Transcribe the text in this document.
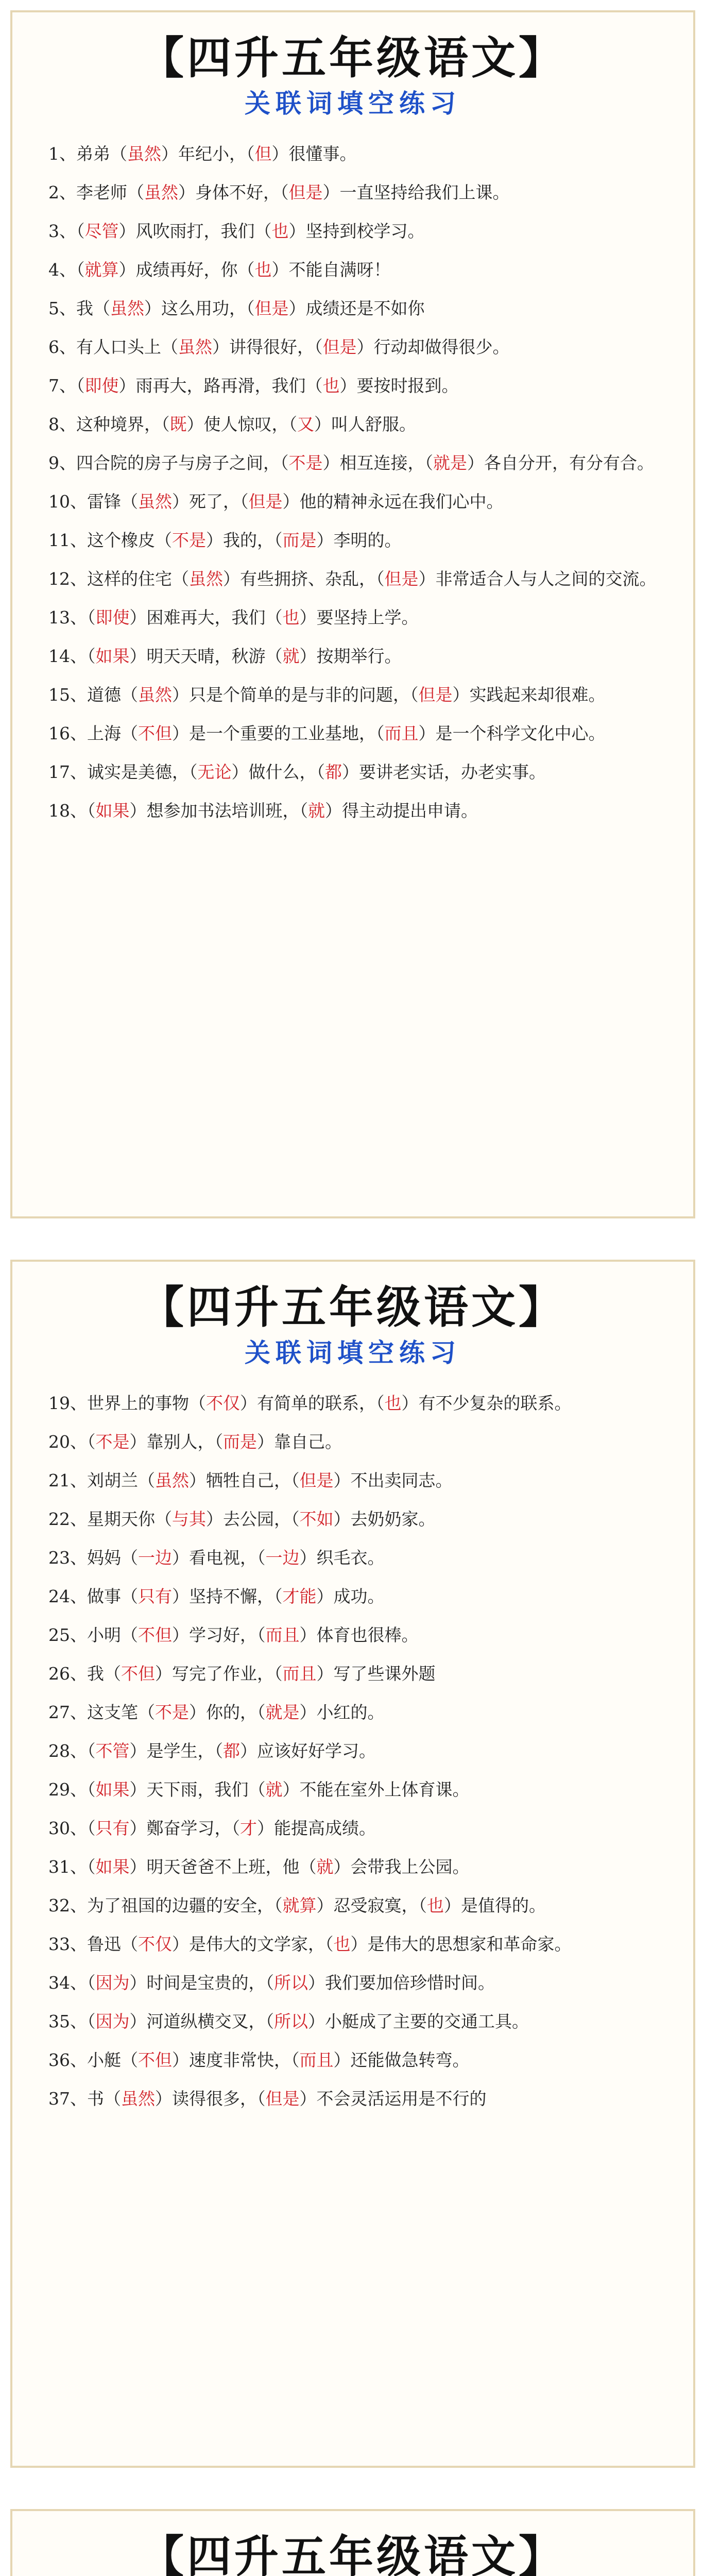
【四升五年级语文】
关联词填空练习
1、弟弟（虽然）年纪小，（但）很懂事。
2、李老师（虽然）身体不好，（但是）一直坚持给我们上课。
3、（尽管）风吹雨打，我们（也）坚持到校学习。
4、（就算）成绩再好，你（也）不能自满呀！
5、我（虽然）这么用功，（但是）成绩还是不如你
6、有人口头上（虽然）讲得很好，（但是）行动却做得很少。
7、（即使）雨再大，路再滑，我们（也）要按时报到。
8、这种境界，（既）使人惊叹，（又）叫人舒服。
9、四合院的房子与房子之间，（不是）相互连接，（就是）各自分开，有分有合。
10、雷锋（虽然）死了，（但是）他的精神永远在我们心中。
11、这个橡皮（不是）我的，（而是）李明的。
12、这样的住宅（虽然）有些拥挤、杂乱，（但是）非常适合人与人之间的交流。
13、（即使）困难再大，我们（也）要坚持上学。
14、（如果）明天天晴，秋游（就）按期举行。
15、道德（虽然）只是个简单的是与非的问题，（但是）实践起来却很难。
16、上海（不但）是一个重要的工业基地，（而且）是一个科学文化中心。
17、诚实是美德，（无论）做什么，（都）要讲老实话，办老实事。
18、（如果）想参加书法培训班，（就）得主动提出申请。
【四升五年级语文】
关联词填空练习
19、世界上的事物（不仅）有简单的联系，（也）有不少复杂的联系。
20、（不是）靠别人，（而是）靠自己。
21、刘胡兰（虽然）牺牲自己，（但是）不出卖同志。
22、星期天你（与其）去公园，（不如）去奶奶家。
23、妈妈（一边）看电视，（一边）织毛衣。
24、做事（只有）坚持不懈，（才能）成功。
25、小明（不但）学习好，（而且）体育也很棒。
26、我（不但）写完了作业，（而且）写了些课外题
27、这支笔（不是）你的，（就是）小红的。
28、（不管）是学生，（都）应该好好学习。
29、（如果）天下雨，我们（就）不能在室外上体育课。
30、（只有）鄭奋学习，（才）能提高成绩。
31、（如果）明天爸爸不上班，他（就）会带我上公园。
32、为了祖国的边疆的安全，（就算）忍受寂寞，（也）是值得的。
33、鲁迅（不仅）是伟大的文学家，（也）是伟大的思想家和革命家。
34、（因为）时间是宝贵的，（所以）我们要加倍珍惜时间。
35、（因为）河道纵横交叉，（所以）小艇成了主要的交通工具。
36、小艇（不但）速度非常快，（而且）还能做急转弯。
37、书（虽然）读得很多，（但是）不会灵活运用是不行的
【四升五年级语文】
